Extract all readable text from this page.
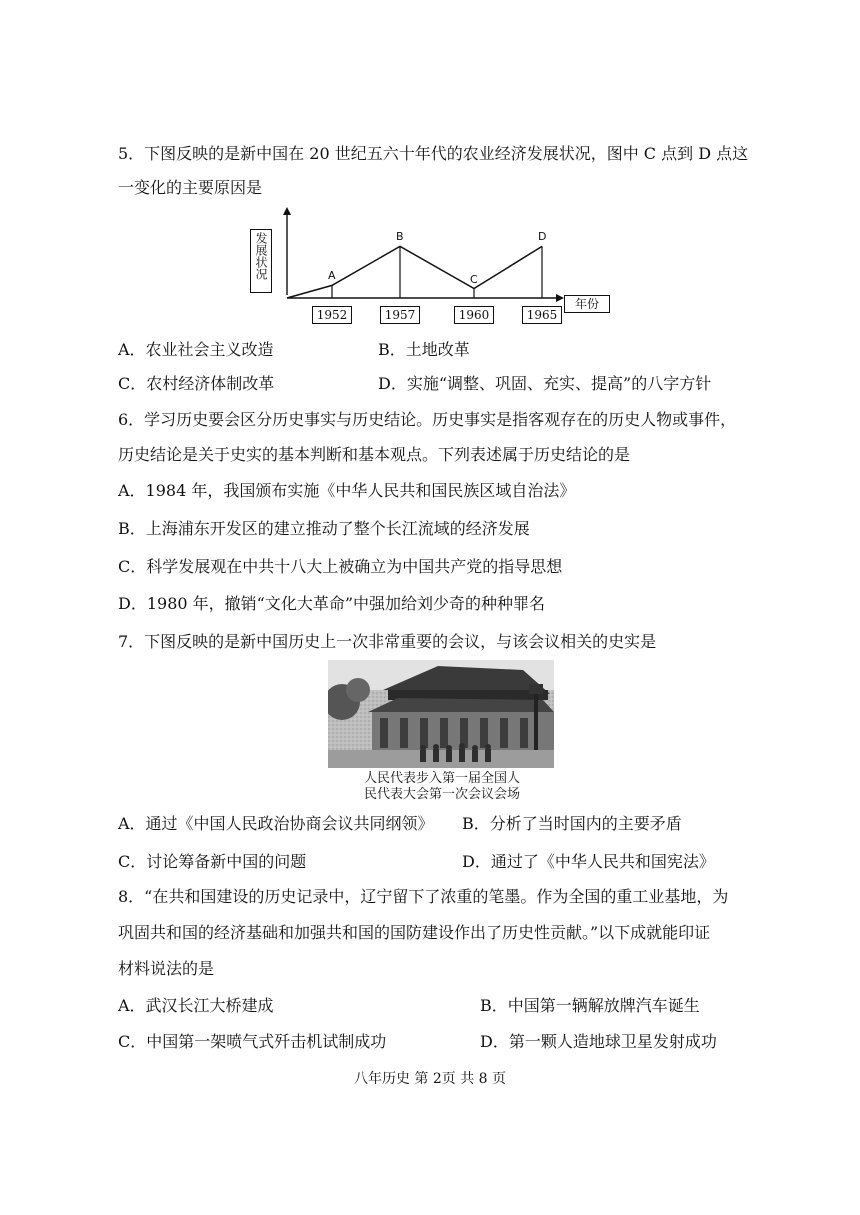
5．下图反映的是新中国在 20 世纪五六十年代的农业经济发展状况，图中 C 点到 D 点这
一变化的主要原因是
发展状况	A
B
C
D
1952	1957	1960	1965
年份
A．农业社会主义改造	B．土地改革
C．农村经济体制改革	D．实施“调整、巩固、充实、提高”的八字方针
6．学习历史要会区分历史事实与历史结论。历史事实是指客观存在的历史人物或事件，
历史结论是关于史实的基本判断和基本观点。下列表述属于历史结论的是
A．1984 年，我国颁布实施《中华人民共和国民族区域自治法》
B．上海浦东开发区的建立推动了整个长江流域的经济发展
C．科学发展观在中共十八大上被确立为中国共产党的指导思想
D．1980 年，撤销“文化大革命”中强加给刘少奇的种种罪名
7．下图反映的是新中国历史上一次非常重要的会议，与该会议相关的史实是
人民代表步入第一届全国人
民代表大会第一次会议会场
A．通过《中国人民政治协商会议共同纲领》 B．分析了当时国内的主要矛盾
C．讨论筹备新中国的问题	D．通过了《中华人民共和国宪法》
8．“在共和国建设的历史记录中，辽宁留下了浓重的笔墨。作为全国的重工业基地，为
巩固共和国的经济基础和加强共和国的国防建设作出了历史性贡献。”以下成就能印证
材料说法的是
A．武汉长江大桥建成	B．中国第一辆解放牌汽车诞生
C．中国第一架喷气式歼击机试制成功	D．第一颗人造地球卫星发射成功
八年历史 第 2页 共 8 页
